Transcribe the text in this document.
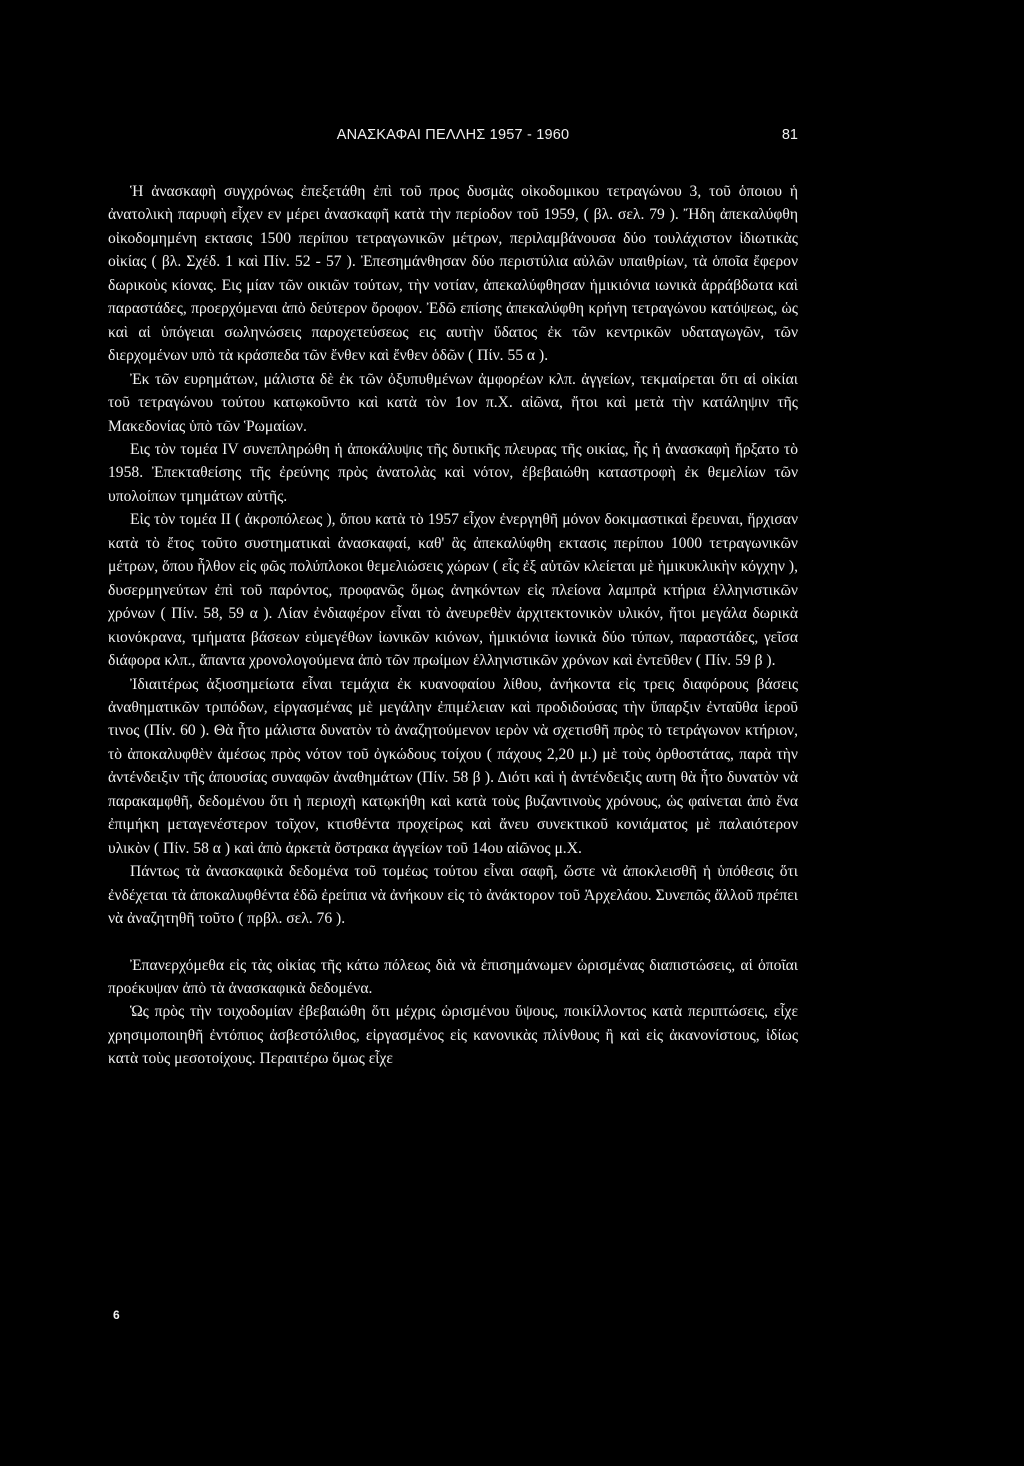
ΑΝΑΣΚΑΦΑΙ ΠΕΛΛΗΣ 1957 - 1960	81

Ἡ ἀνασκαφὴ συγχρόνως ἐπεξετάθη ἐπὶ τοῦ προς δυσμὰς οἰκοδομικου τετραγώνου 3, τοῦ ὁποιου ἡ ἀνατολικὴ παρυφὴ εἶχεν εν μέρει ἀνασκαφῆ κατὰ τὴν περίοδον τοῦ 1959, ( βλ. σελ. 79 ). Ἤδη ἀπεκαλύφθη οἰκοδομημένη εκτασις 1500 περίπου τετραγωνικῶν μέτρων, περιλαμβάνουσα δύο τουλάχιστον ἰδιωτικὰς οἰκίας ( βλ. Σχέδ. 1 καὶ Πίν. 52 - 57 ). Ἐπεσημάνθησαν δύο περιστύλια αὐλῶν υπαιθρίων, τὰ ὁποῖα ἔφερον δωρικοὺς κίονας. Εις μίαν τῶν οικιῶν τούτων, τὴν νοτίαν, ἀπεκαλύφθησαν ἡμικιόνια ιωνικὰ ἀρράβδωτα καὶ παραστάδες, προερχόμεναι ἀπὸ δεύτερον ὄροφον. Ἐδῶ επίσης ἀπεκαλύφθη κρήνη τετραγώνου κατόψεως, ὡς καὶ αἱ ὑπόγειαι σωληνώσεις παροχετεύσεως εις αυτὴν ὕδατος ἐκ τῶν κεντρικῶν υδαταγωγῶν, τῶν διερχομένων υπὸ τὰ κράσπεδα τῶν ἔνθεν καὶ ἔνθεν ὁδῶν ( Πίν. 55 α ).

Ἐκ τῶν ευρημάτων, μάλιστα δὲ ἐκ τῶν ὀξυπυθμένων ἀμφορέων κλπ. ἀγγείων, τεκμαίρεται ὅτι αἱ οἰκίαι τοῦ τετραγώνου τούτου κατῳκοῦντο καὶ κατὰ τὸν 1ον π.Χ. αἰῶνα, ἤτοι καὶ μετὰ τὴν κατάληψιν τῆς Μακεδονίας ὑπὸ τῶν Ῥωμαίων.

Εις τὸν τομέα IV συνεπληρώθη ἡ ἀποκάλυψις τῆς δυτικῆς πλευρας τῆς οικίας, ἧς ἡ ἀνασκαφὴ ἤρξατο τὸ 1958. Ἐπεκταθείσης τῆς ἐρεύνης πρὸς ἀνατολὰς καὶ νότον, ἐβεβαιώθη καταστροφὴ ἐκ θεμελίων τῶν υπολοίπων τμημάτων αὐτῆς.

Εἰς τὸν τομέα II ( ἀκροπόλεως ), ὅπου κατὰ τὸ 1957 εἶχον ἐνεργηθῆ μόνον δοκιμαστικαὶ ἔρευναι, ἤρχισαν κατὰ τὸ ἔτος τοῦτο συστηματικαὶ ἀνασκαφαί, καθ' ἃς ἀπεκαλύφθη εκτασις περίπου 1000 τετραγωνικῶν μέτρων, ὅπου ἦλθον εἰς φῶς πολύπλοκοι θεμελιώσεις χώρων ( εἷς ἐξ αὐτῶν κλείεται μὲ ἡμικυκλικὴν κόγχην ), δυσερμηνεύτων ἐπὶ τοῦ παρόντος, προφανῶς ὅμως ἀνηκόντων εἰς πλείονα λαμπρὰ κτήρια ἑλληνιστικῶν χρόνων ( Πίν. 58, 59 α ). Λίαν ἐνδιαφέρον εἶναι τὸ ἀνευρεθὲν ἀρχιτεκτονικὸν υλικόν, ἤτοι μεγάλα δωρικὰ κιονόκρανα, τμήματα βάσεων εὐμεγέθων ἰωνικῶν κιόνων, ἡμικιόνια ἰωνικὰ δύο τύπων, παραστάδες, γεῖσα διάφορα κλπ., ἅπαντα χρονολογούμενα ἀπὸ τῶν πρωίμων ἑλληνιστικῶν χρόνων καὶ ἐντεῦθεν ( Πίν. 59 β ).

Ἰδιαιτέρως ἀξιοσημείωτα εἶναι τεμάχια ἐκ κυανοφαίου λίθου, ἀνήκοντα εἰς τρεις διαφόρους βάσεις ἀναθηματικῶν τριπόδων, εἰργασμένας μὲ μεγάλην ἐπιμέλειαν καὶ προδιδούσας τὴν ὕπαρξιν ἐνταῦθα ἱεροῦ τινος (Πίν. 60 ). Θὰ ἦτο μάλιστα δυνατὸν τὸ ἀναζητούμενον ιερὸν νὰ σχετισθῆ πρὸς τὸ τετράγωνον κτήριον, τὸ ἀποκαλυφθὲν ἀμέσως πρὸς νότον τοῦ ὀγκώδους τοίχου ( πάχους 2,20 μ.) μὲ τοὺς ὀρθοστάτας, παρὰ τὴν ἀντένδειξιν τῆς ἀπουσίας συναφῶν ἀναθημάτων (Πίν. 58 β ). Διότι καὶ ἡ ἀντένδειξις αυτη θὰ ἦτο δυνατὸν νὰ παρακαμφθῆ, δεδομένου ὅτι ἡ περιοχὴ κατῳκήθη καὶ κατὰ τοὺς βυζαντινοὺς χρόνους, ὡς φαίνεται ἀπὸ ἕνα ἐπιμήκη μεταγενέστερον τοῖχον, κτισθέντα προχείρως καὶ ἄνευ συνεκτικοῦ κονιάματος μὲ παλαιότερον υλικὸν ( Πίν. 58 α ) καὶ ἀπὸ ἀρκετὰ ὄστρακα ἀγγείων τοῦ 14ου αἰῶνος μ.Χ.

Πάντως τὰ ἀνασκαφικὰ δεδομένα τοῦ τομέως τούτου εἶναι σαφῆ, ὥστε νὰ ἀποκλεισθῆ ἡ ὑπόθεσις ὅτι ἐνδέχεται τὰ ἀποκαλυφθέντα ἐδῶ ἐρείπια νὰ ἀνήκουν εἰς τὸ ἀνάκτορον τοῦ Ἀρχελάου. Συνεπῶς ἄλλοῦ πρέπει νὰ ἀναζητηθῆ τοῦτο ( πρβλ. σελ. 76 ).

Ἐπανερχόμεθα εἰς τὰς οἰκίας τῆς κάτω πόλεως διὰ νὰ ἐπισημάνωμεν ὡρισμένας διαπιστώσεις, αἱ ὁποῖαι προέκυψαν ἀπὸ τὰ ἀνασκαφικὰ δεδομένα.

Ὡς πρὸς τὴν τοιχοδομίαν ἐβεβαιώθη ὅτι μέχρις ὡρισμένου ὕψους, ποικίλλοντος κατὰ περιπτώσεις, εἶχε χρησιμοποιηθῆ ἐντόπιος ἀσβεστόλιθος, εἰργασμένος εἰς κανονικὰς πλίνθους ἢ καὶ εἰς ἀκανονίστους, ἰδίως κατὰ τοὺς μεσοτοίχους. Περαιτέρω ὅμως εἶχε

6
